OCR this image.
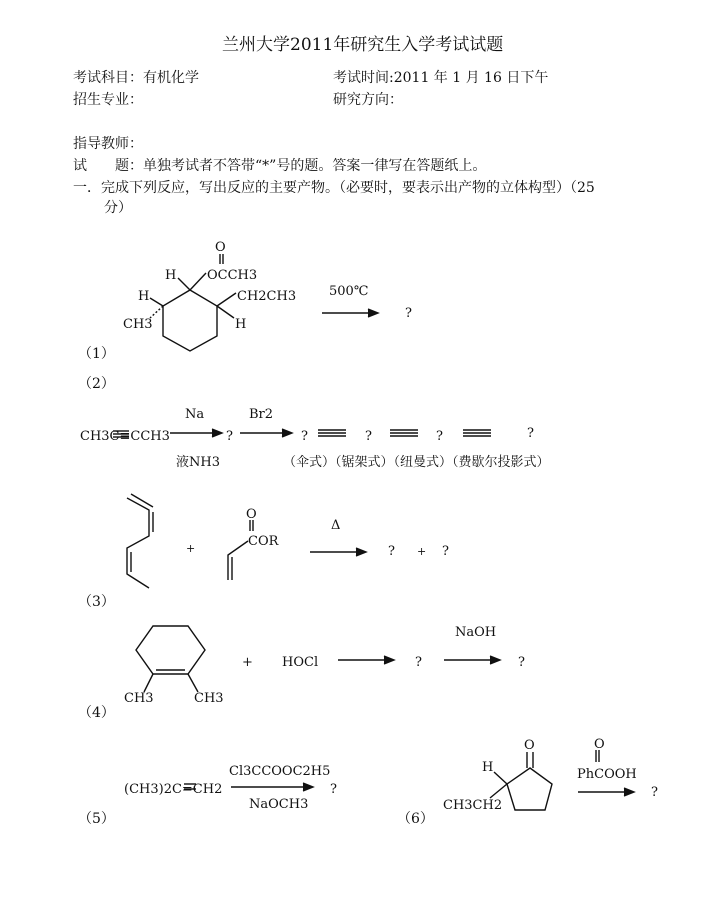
兰州大学2011年研究生入学考试试题
考试科目：有机化学	考试时间:2011 年 1 月 16 日下午
招生专业：	研究方向：
指导教师：
试　　题：单独考试者不答带“*”号的题。答案一律写在答题纸上。
一．完成下列反应，写出反应的主要产物。（必要时，要表示出产物的立体构型）（25
分）
（1）
（2）
（3）
（4）
（5）	（6）
O
OCCH3
H
H	CH2CH3
CH3	H
500℃
?
CH3C≡CCH3
Na
液NH3
?
Br2
?	?	?	?
（伞式）（锯架式）（纽曼式）（费歇尔投影式）
+
O
COR
Δ
? + ?
CH3	CH3
+ HOCl	?
NaOH
?
(CH3)2C=CH2
Cl3CCOOC2H5
NaOCH3
?
O
H
CH3CH2
O
PhCOOH
?
